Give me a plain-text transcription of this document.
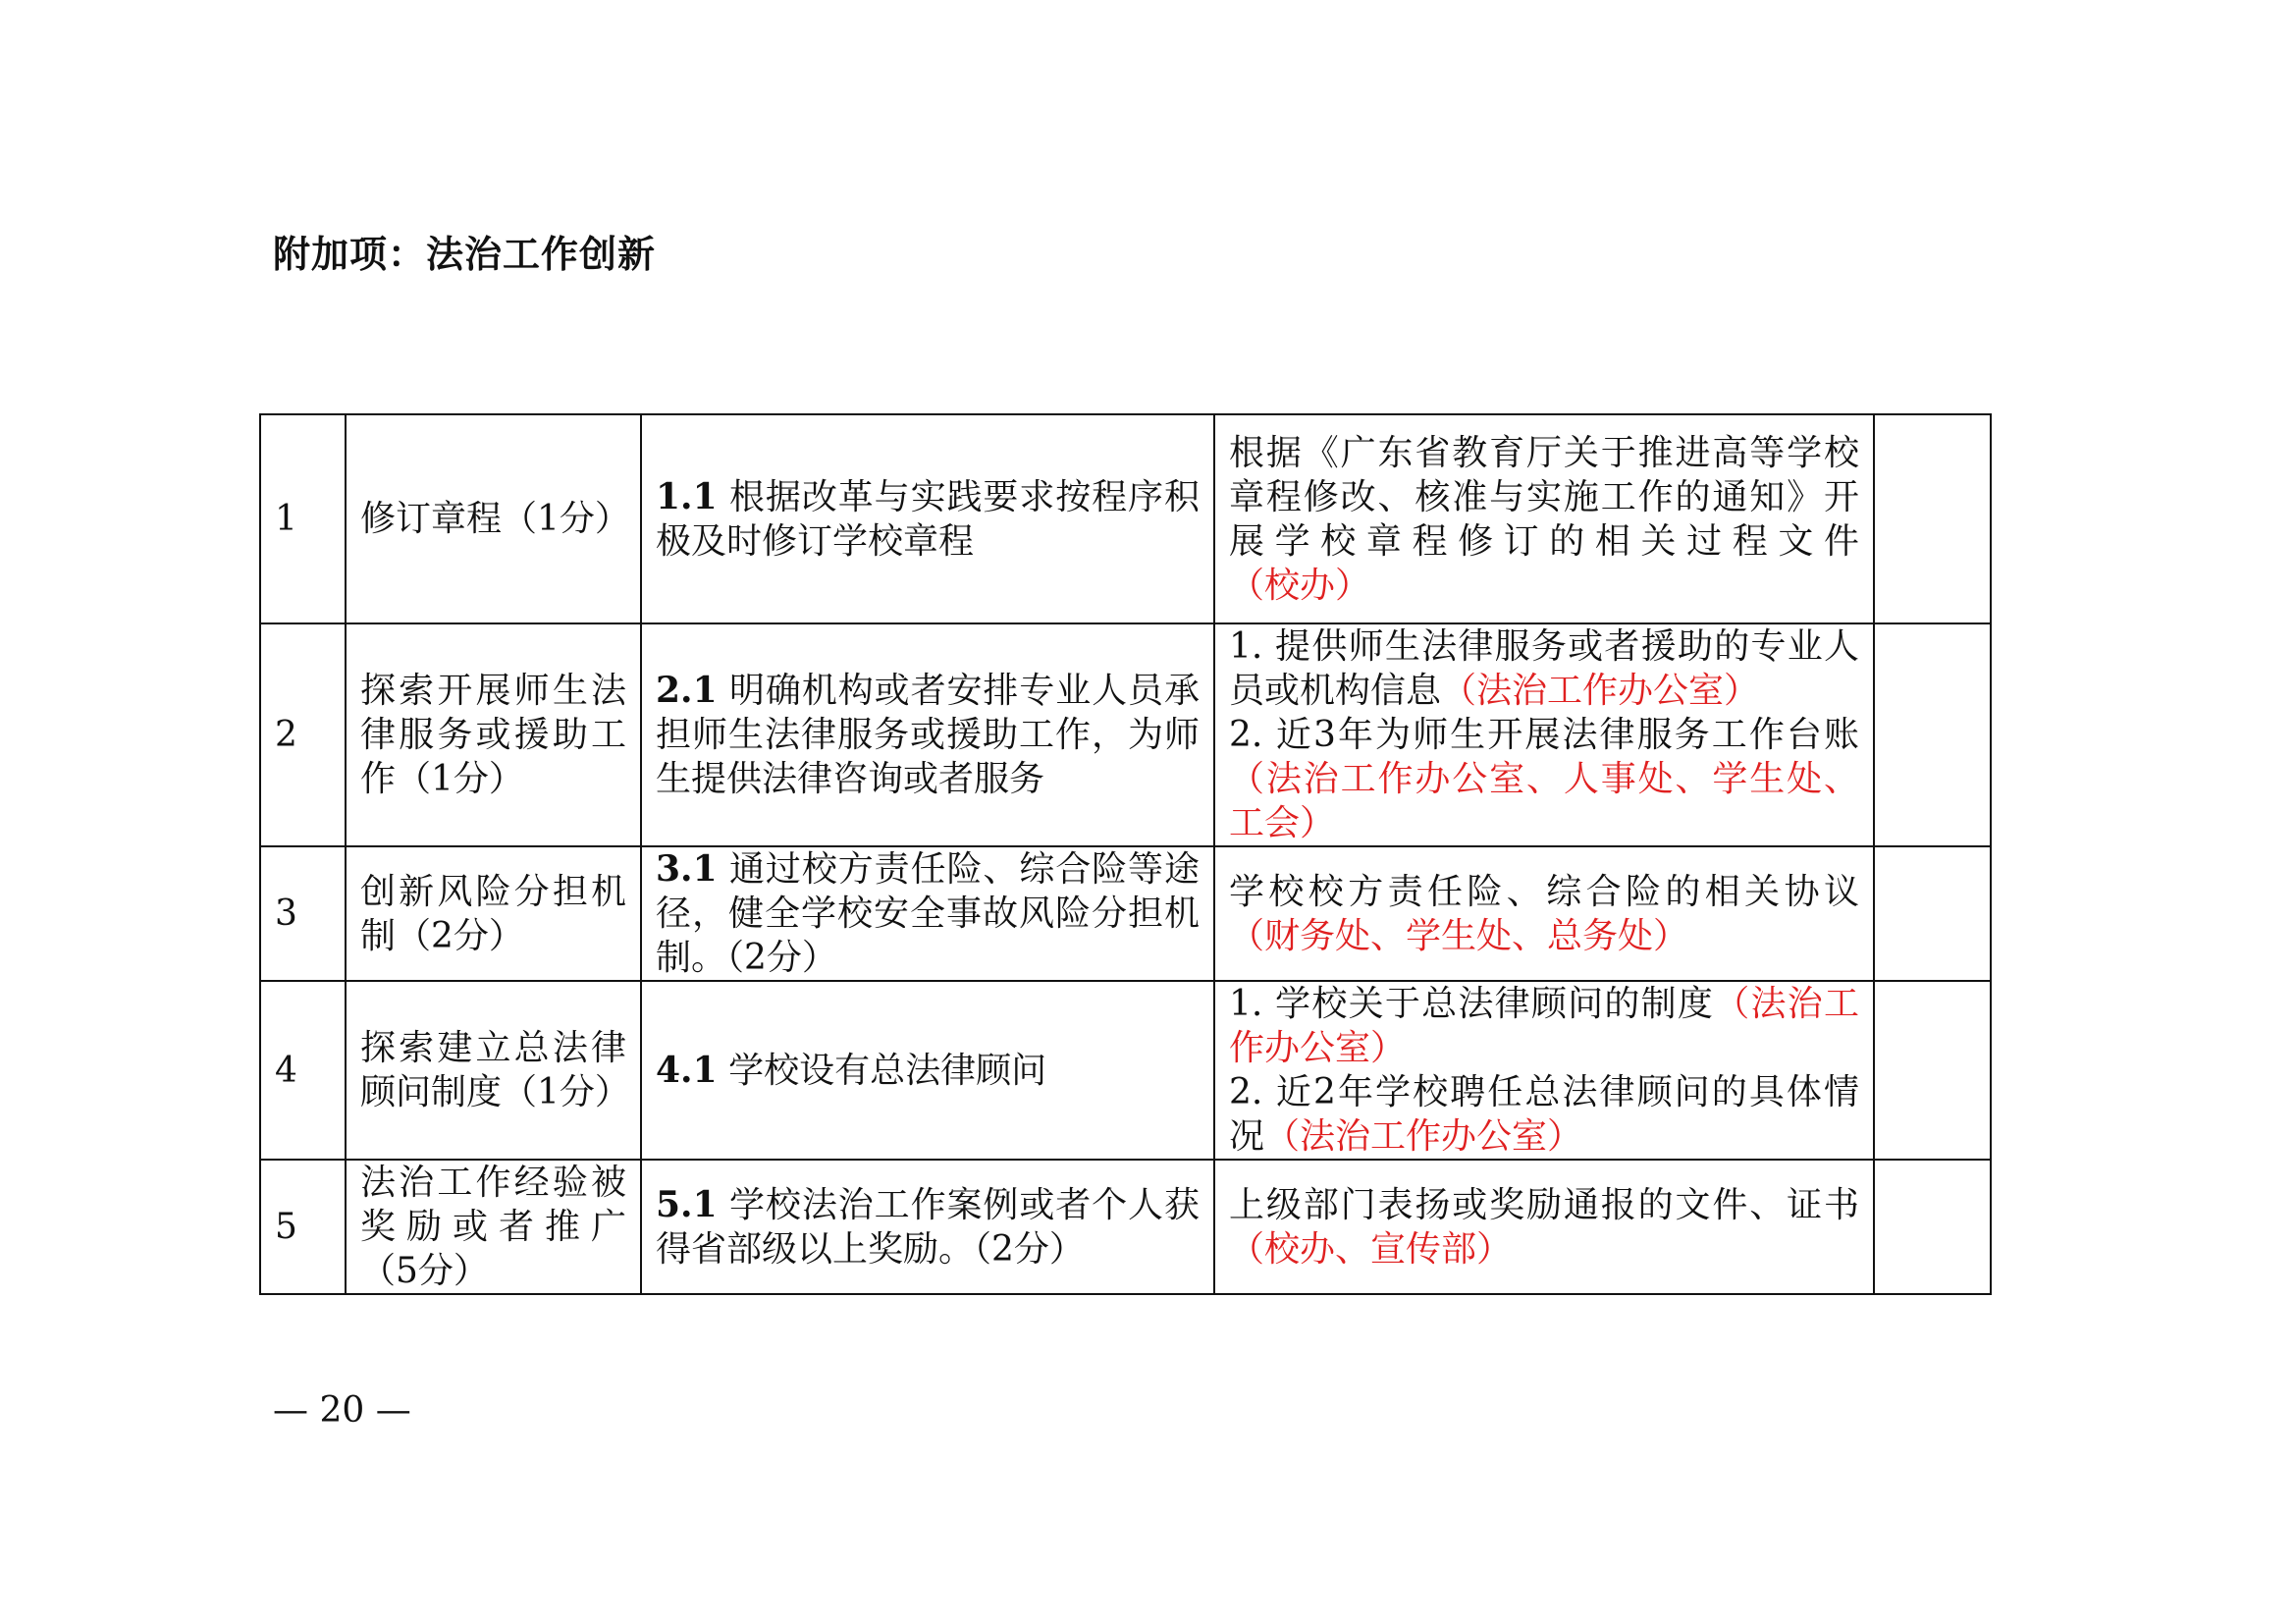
附加项：法治工作创新
1	修订章程（1分）	1.1 根据改革与实践要求按程序积极及时修订学校章程	根据《广东省教育厅关于推进高等学校章程修改、核准与实施工作的通知》开展学校章程修订的相关过程文件（校办）	
2	探索开展师生法律服务或援助工作（1分）	2.1 明确机构或者安排专业人员承担师生法律服务或援助工作，为师生提供法律咨询或者服务	1. 提供师生法律服务或者援助的专业人员或机构信息（法治工作办公室）
2. 近3年为师生开展法律服务工作台账（法治工作办公室、人事处、学生处、工会）	

3	创新风险分担机制（2分）	3.1 通过校方责任险、综合险等途径，健全学校安全事故风险分担机制。（2分）	学校校方责任险、综合险的相关协议（财务处、学生处、总务处）	
4	探索建立总法律顾问制度（1分）	4.1 学校设有总法律顾问	1. 学校关于总法律顾问的制度（法治工作办公室）
2. 近2年学校聘任总法律顾问的具体情况（法治工作办公室）	

5	法治工作经验被奖励或者推广（5分）	5.1 学校法治工作案例或者个人获得省部级以上奖励。（2分）	上级部门表扬或奖励通报的文件、证书（校办、宣传部）	
— 20 —
